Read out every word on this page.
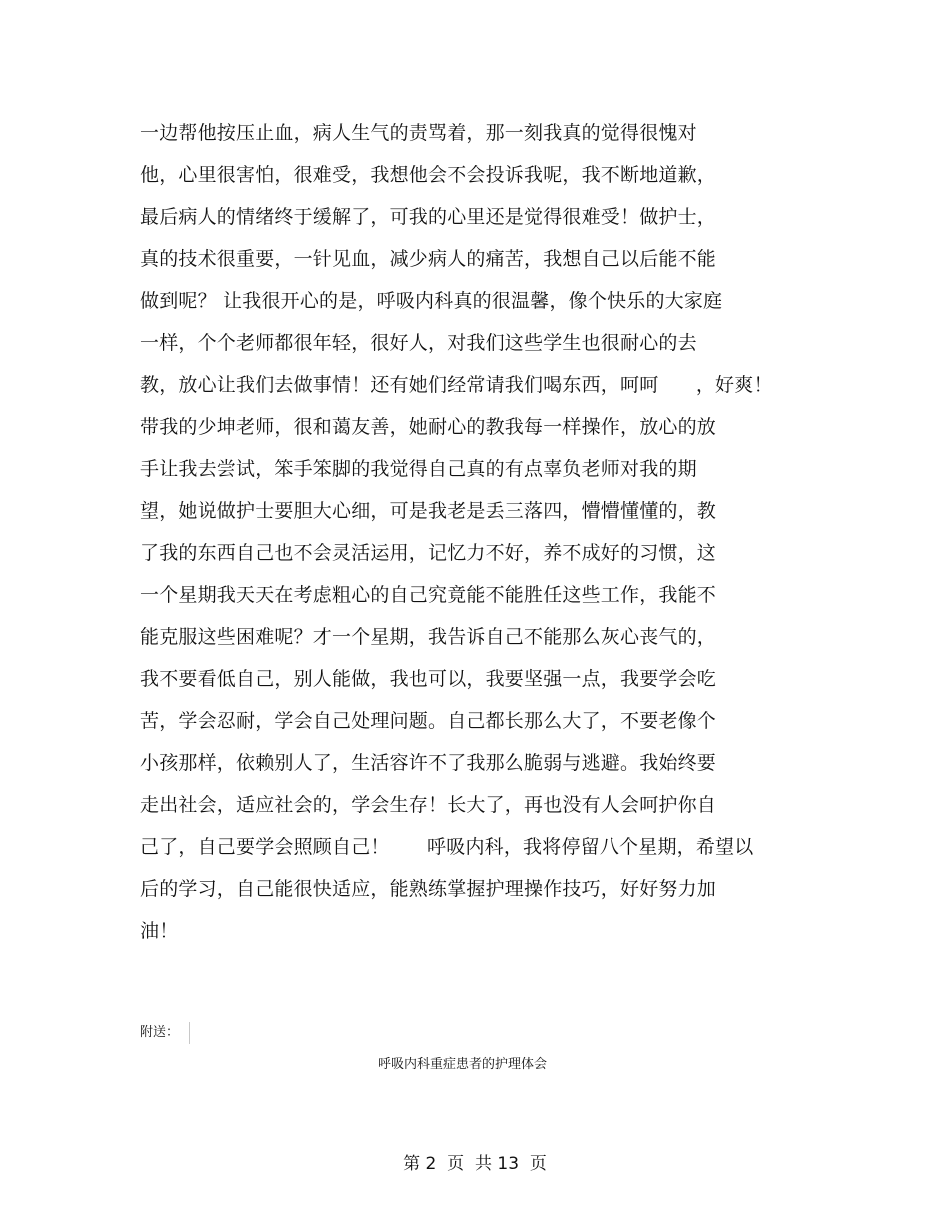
一边帮他按压止血，病人生气的责骂着，那一刻我真的觉得很愧对
他，心里很害怕，很难受，我想他会不会投诉我呢，我不断地道歉，
最后病人的情绪终于缓解了，可我的心里还是觉得很难受！做护士，
真的技术很重要，一针见血，减少病人的痛苦，我想自己以后能不能
做到呢？ 让我很开心的是，呼吸内科真的很温馨，像个快乐的大家庭
一样，个个老师都很年轻，很好人，对我们这些学生也很耐心的去
教，放心让我们去做事情！还有她们经常请我们喝东西，呵呵      ，好爽！
带我的少坤老师，很和蔼友善，她耐心的教我每一样操作，放心的放
手让我去尝试，笨手笨脚的我觉得自己真的有点辜负老师对我的期
望，她说做护士要胆大心细，可是我老是丢三落四，懵懵懂懂的，教
了我的东西自己也不会灵活运用，记忆力不好，养不成好的习惯，这
一个星期我天天在考虑粗心的自己究竟能不能胜任这些工作，我能不
能克服这些困难呢？才一个星期，我告诉自己不能那么灰心丧气的，
我不要看低自己，别人能做，我也可以，我要坚强一点，我要学会吃
苦，学会忍耐，学会自己处理问题。自己都长那么大了，不要老像个
小孩那样，依赖别人了，生活容许不了我那么脆弱与逃避。我始终要
走出社会，适应社会的，学会生存！长大了，再也没有人会呵护你自
己了，自己要学会照顾自己！      呼吸内科，我将停留八个星期，希望以
后的学习，自己能很快适应，能熟练掌握护理操作技巧，好好努力加
油！
附送：
呼吸内科重症患者的护理体会
第 2  页  共 13  页
